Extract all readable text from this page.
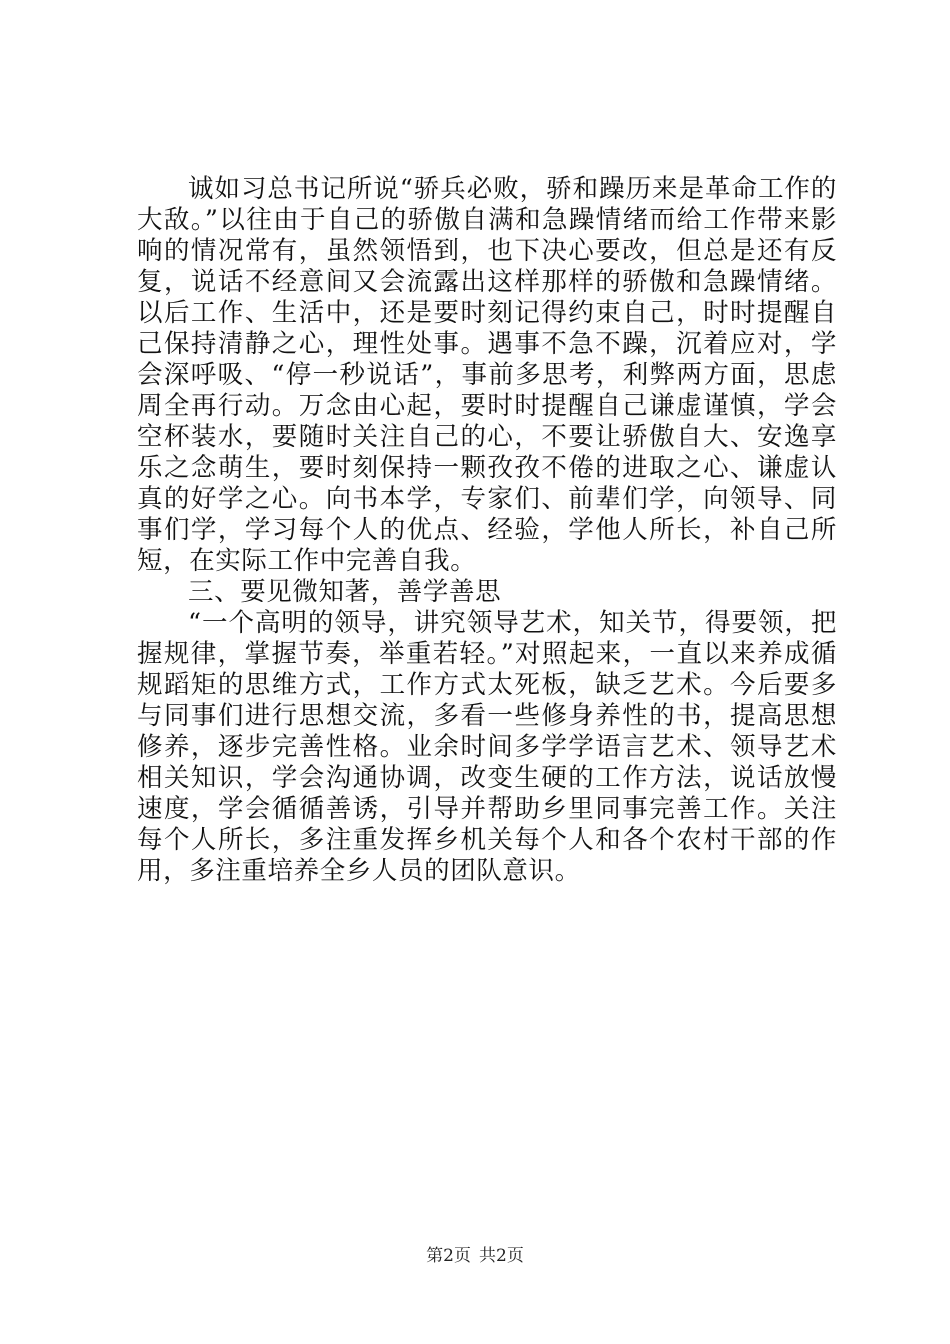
诚如习总书记所说“骄兵必败，骄和躁历来是革命工作的大敌。”以往由于自己的骄傲自满和急躁情绪而给工作带来影响的情况常有，虽然领悟到，也下决心要改，但总是还有反复，说话不经意间又会流露出这样那样的骄傲和急躁情绪。以后工作、生活中，还是要时刻记得约束自己，时时提醒自己保持清静之心，理性处事。遇事不急不躁，沉着应对，学会深呼吸、“停一秒说话”，事前多思考，利弊两方面，思虑周全再行动。万念由心起，要时时提醒自己谦虚谨慎，学会空杯装水，要随时关注自己的心，不要让骄傲自大、安逸享乐之念萌生，要时刻保持一颗孜孜不倦的进取之心、谦虚认真的好学之心。向书本学，专家们、前辈们学，向领导、同事们学，学习每个人的优点、经验，学他人所长，补自己所短，在实际工作中完善自我。

三、要见微知著，善学善思

“一个高明的领导，讲究领导艺术，知关节，得要领，把握规律，掌握节奏，举重若轻。”对照起来，一直以来养成循规蹈矩的思维方式，工作方式太死板，缺乏艺术。今后要多与同事们进行思想交流，多看一些修身养性的书，提高思想修养，逐步完善性格。业余时间多学学语言艺术、领导艺术相关知识，学会沟通协调，改变生硬的工作方法，说话放慢速度，学会循循善诱，引导并帮助乡里同事完善工作。关注每个人所长，多注重发挥乡机关每个人和各个农村干部的作用，多注重培养全乡人员的团队意识。

第2页 共2页
